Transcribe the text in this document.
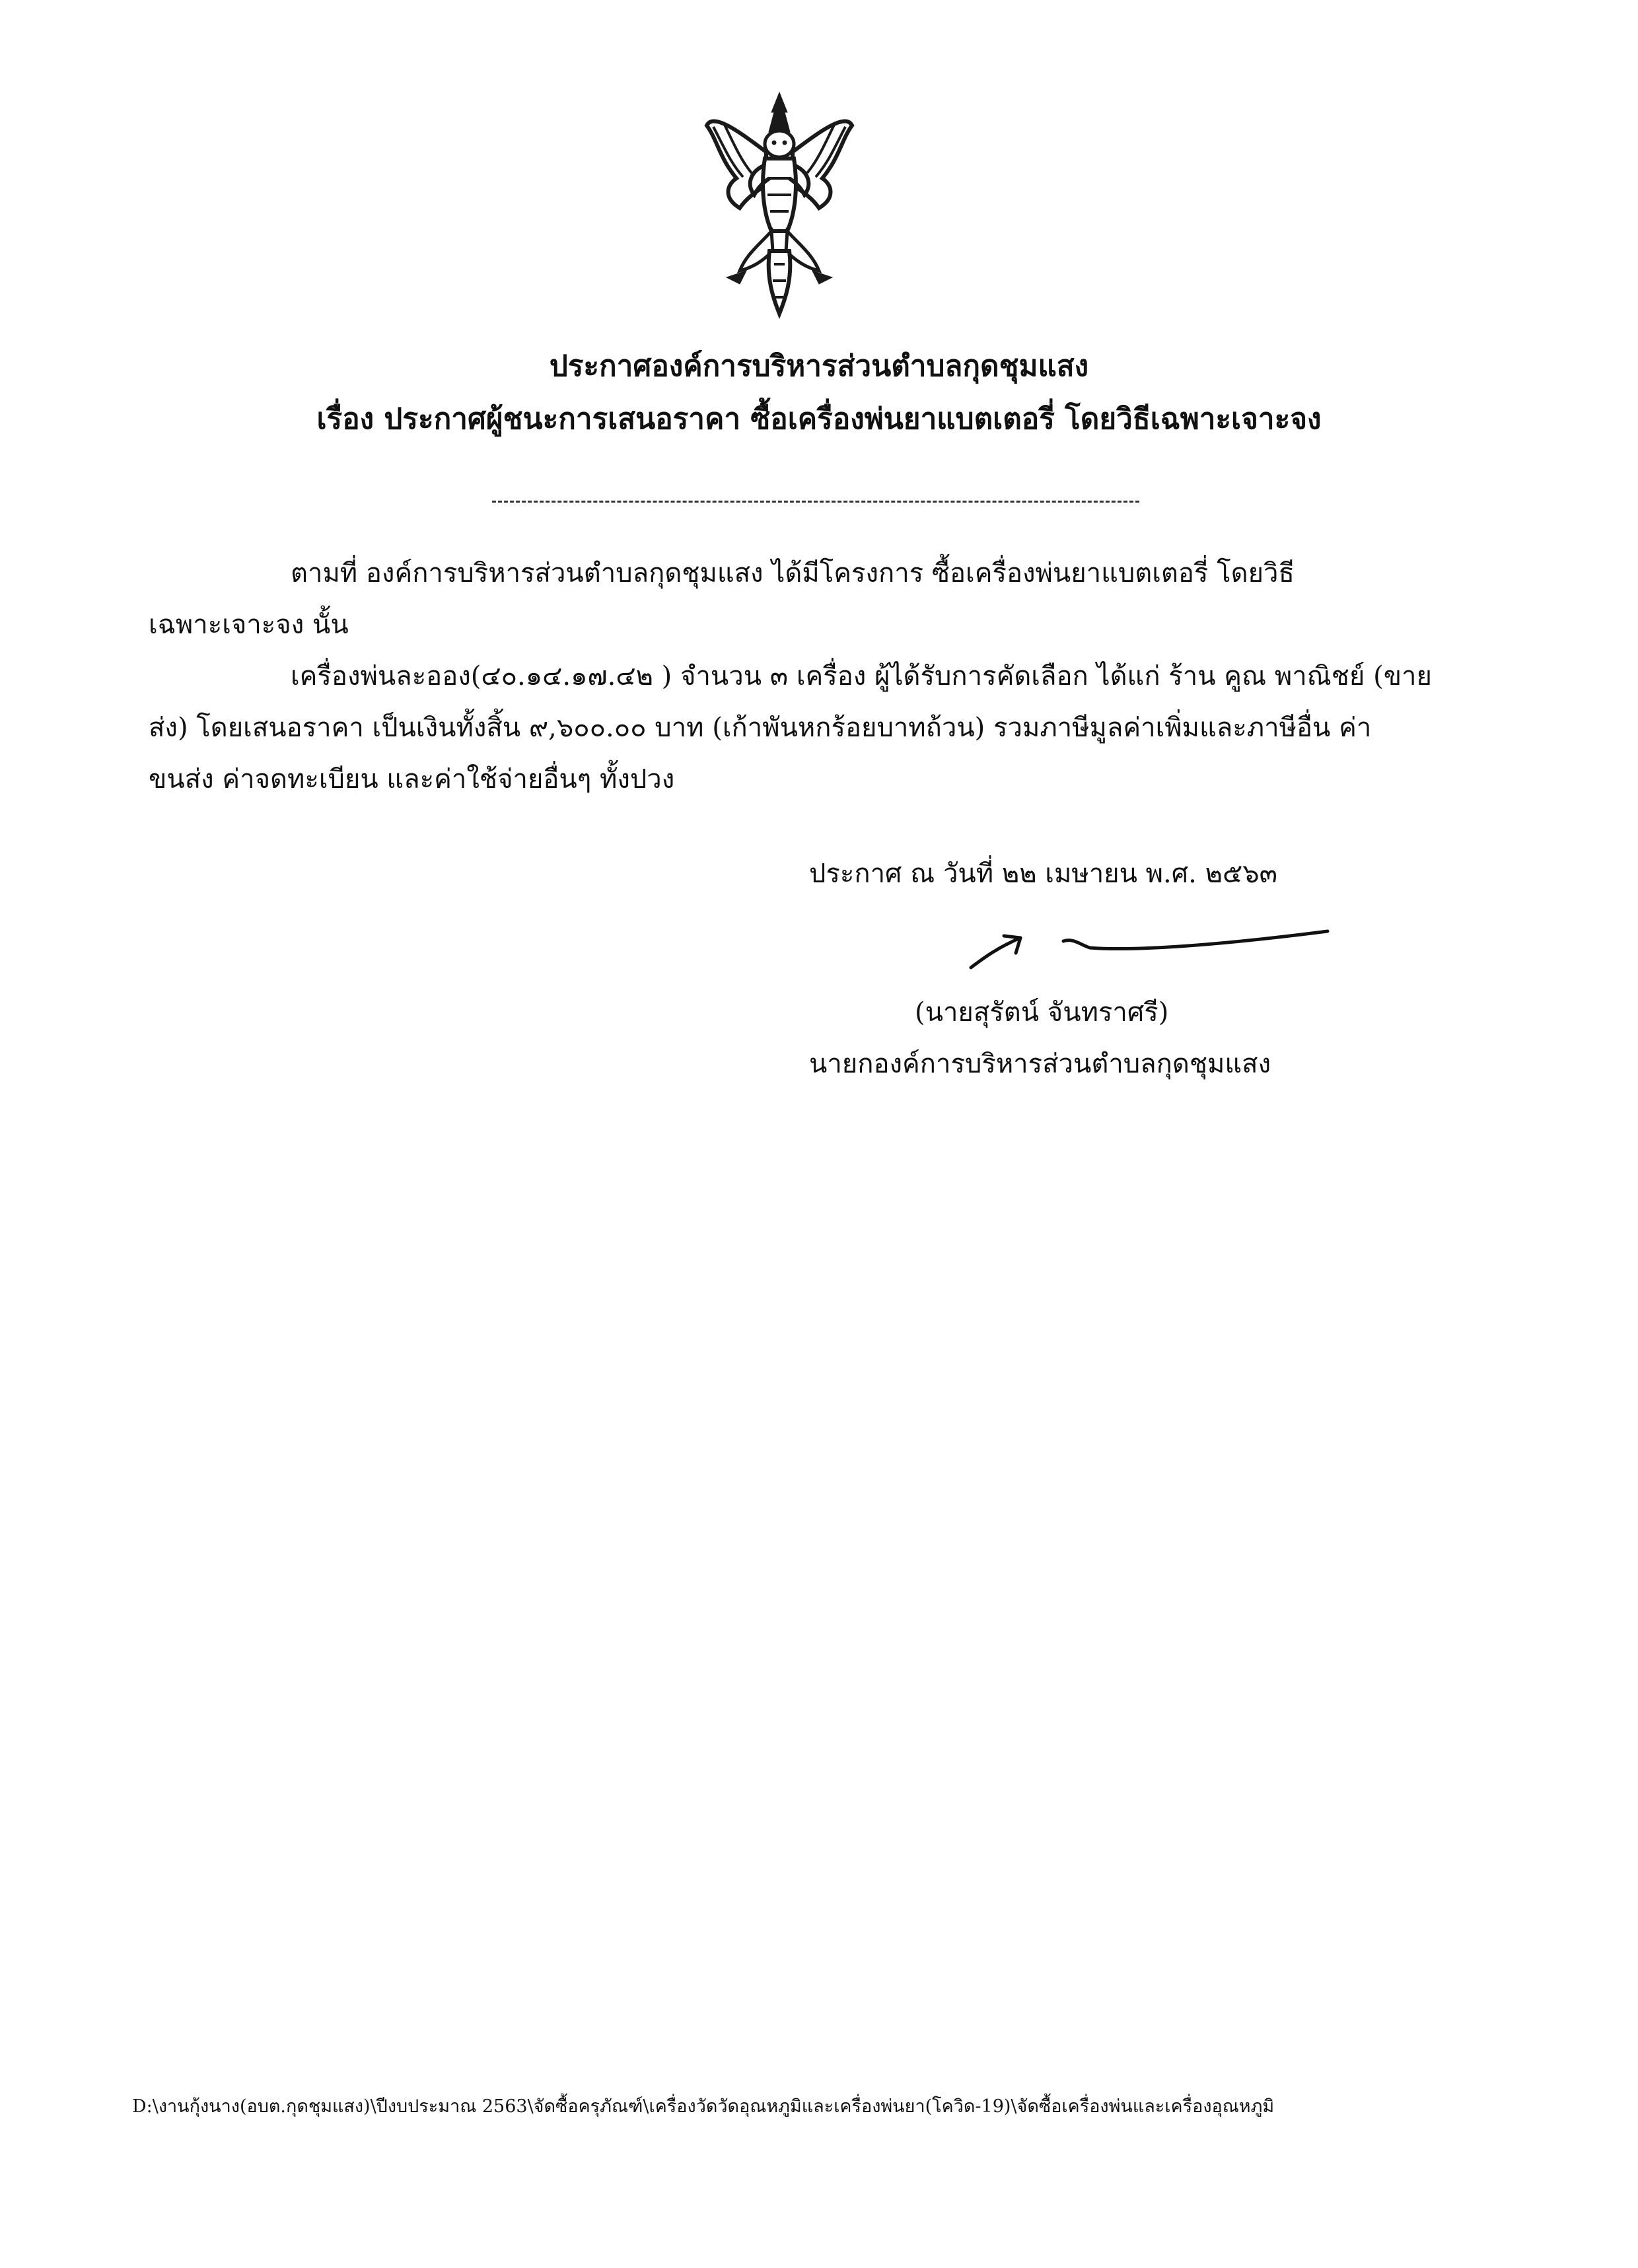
ประกาศองค์การบริหารส่วนตำบลกุดชุมแสง
เรื่อง ประกาศผู้ชนะการเสนอราคา ซื้อเครื่องพ่นยาแบตเตอรี่ โดยวิธีเฉพาะเจาะจง
ตามที่ องค์การบริหารส่วนตำบลกุดชุมแสง ได้มีโครงการ ซื้อเครื่องพ่นยาแบตเตอรี่ โดยวิธี
เฉพาะเจาะจง นั้น
เครื่องพ่นละออง(๔๐.๑๔.๑๗.๔๒ ) จำนวน ๓ เครื่อง ผู้ได้รับการคัดเลือก ได้แก่ ร้าน คูณ พาณิชย์ (ขาย
ส่ง) โดยเสนอราคา เป็นเงินทั้งสิ้น ๙,๖๐๐.๐๐ บาท (เก้าพันหกร้อยบาทถ้วน) รวมภาษีมูลค่าเพิ่มและภาษีอื่น ค่า
ขนส่ง ค่าจดทะเบียน และค่าใช้จ่ายอื่นๆ ทั้งปวง
ประกาศ ณ วันที่ ๒๒ เมษายน พ.ศ. ๒๕๖๓
(นายสุรัตน์ จันทราศรี)
นายกองค์การบริหารส่วนตำบลกุดชุมแสง
D:\งานกุ้งนาง(อบต.กุดชุมแสง)\ปีงบประมาณ 2563\จัดซื้อครุภัณฑ์\เครื่องวัดวัดอุณหภูมิและเครื่องพ่นยา(โควิด-19)\จัดซื้อเครื่องพ่นและเครื่องอุณหภูมิ
